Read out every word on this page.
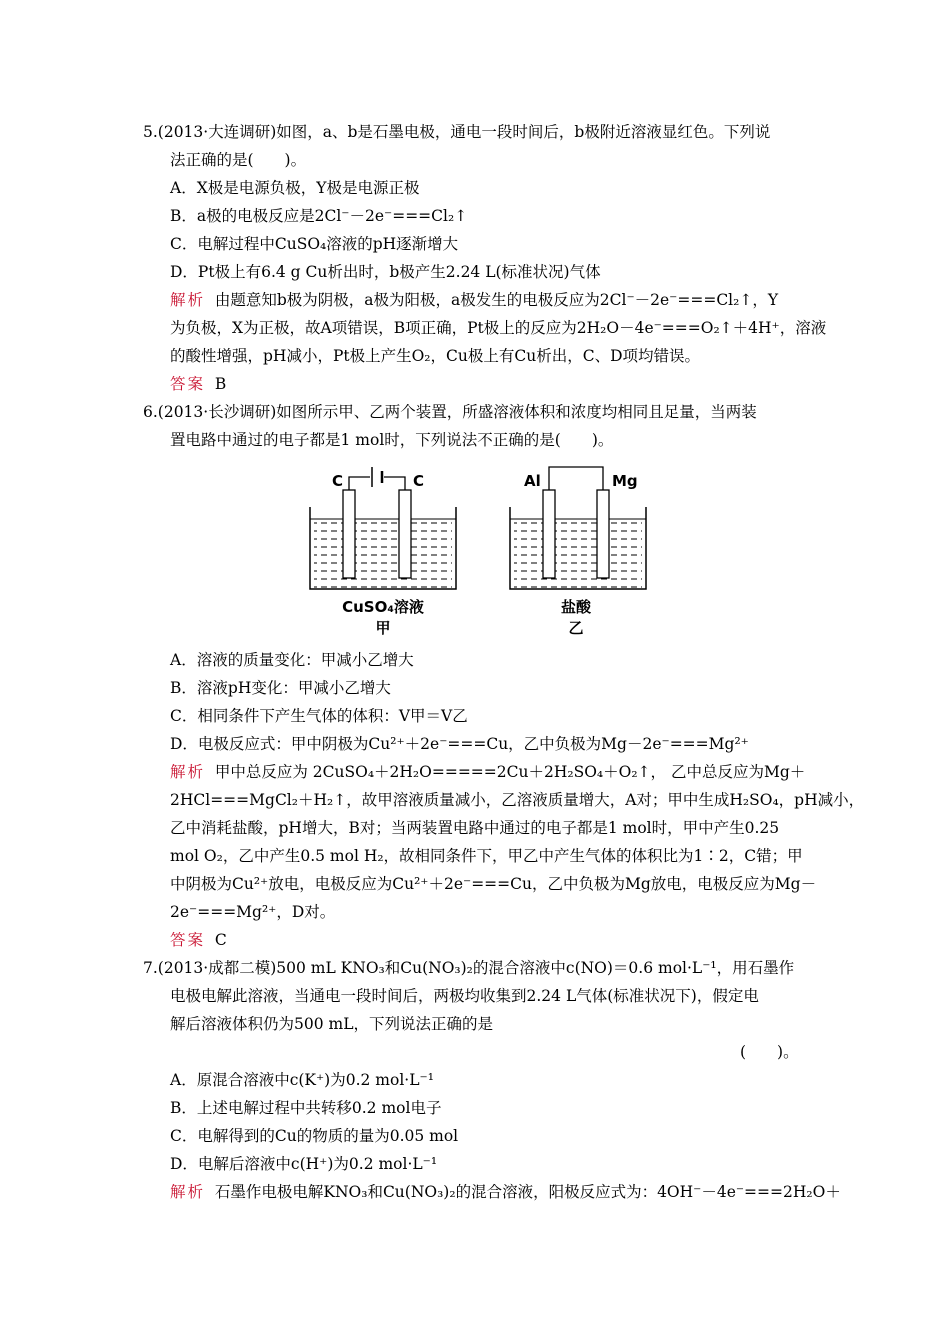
5.(2013·大连调研)如图，a、b是石墨电极，通电一段时间后，b极附近溶液显红色。下列说
法正确的是(　　)。
A．X极是电源负极，Y极是电源正极
B．a极的电极反应是2Cl⁻－2e⁻===Cl₂↑
C．电解过程中CuSO₄溶液的pH逐渐增大
D．Pt极上有6.4 g Cu析出时，b极产生2.24 L(标准状况)气体
解析 由题意知b极为阴极，a极为阳极，a极发生的电极反应为2Cl⁻－2e⁻===Cl₂↑，Y
为负极，X为正极，故A项错误，B项正确，Pt极上的反应为2H₂O－4e⁻===O₂↑＋4H⁺，溶液
的酸性增强，pH减小，Pt极上产生O₂，Cu极上有Cu析出，C、D项均错误。
答案 B
6.(2013·长沙调研)如图所示甲、乙两个装置，所盛溶液体积和浓度均相同且足量，当两装
置电路中通过的电子都是1 mol时，下列说法不正确的是(　　)。
C	C
CuSO₄溶液
甲
Al	Mg
盐酸
乙
A．溶液的质量变化：甲减小乙增大
B．溶液pH变化：甲减小乙增大
C．相同条件下产生气体的体积：V甲＝V乙
D．电极反应式：甲中阴极为Cu²⁺＋2e⁻===Cu，乙中负极为Mg－2e⁻===Mg²⁺
解析 甲中总反应为 2CuSO₄＋2H₂O=====2Cu＋2H₂SO₄＋O₂↑， 乙中总反应为Mg＋
2HCl===MgCl₂＋H₂↑，故甲溶液质量减小，乙溶液质量增大，A对；甲中生成H₂SO₄，pH减小，
乙中消耗盐酸，pH增大，B对；当两装置电路中通过的电子都是1 mol时，甲中产生0.25
mol O₂，乙中产生0.5 mol H₂，故相同条件下，甲乙中产生气体的体积比为1∶2，C错；甲
中阴极为Cu²⁺放电，电极反应为Cu²⁺＋2e⁻===Cu，乙中负极为Mg放电，电极反应为Mg－
2e⁻===Mg²⁺，D对。
答案 C
7.(2013·成都二模)500 mL KNO₃和Cu(NO₃)₂的混合溶液中c(NO)＝0.6 mol·L⁻¹，用石墨作
电极电解此溶液，当通电一段时间后，两极均收集到2.24 L气体(标准状况下)，假定电
解后溶液体积仍为500 mL，下列说法正确的是
(　　)。
A．原混合溶液中c(K⁺)为0.2 mol·L⁻¹
B．上述电解过程中共转移0.2 mol电子
C．电解得到的Cu的物质的量为0.05 mol
D．电解后溶液中c(H⁺)为0.2 mol·L⁻¹
解析 石墨作电极电解KNO₃和Cu(NO₃)₂的混合溶液，阳极反应式为：4OH⁻－4e⁻===2H₂O＋
